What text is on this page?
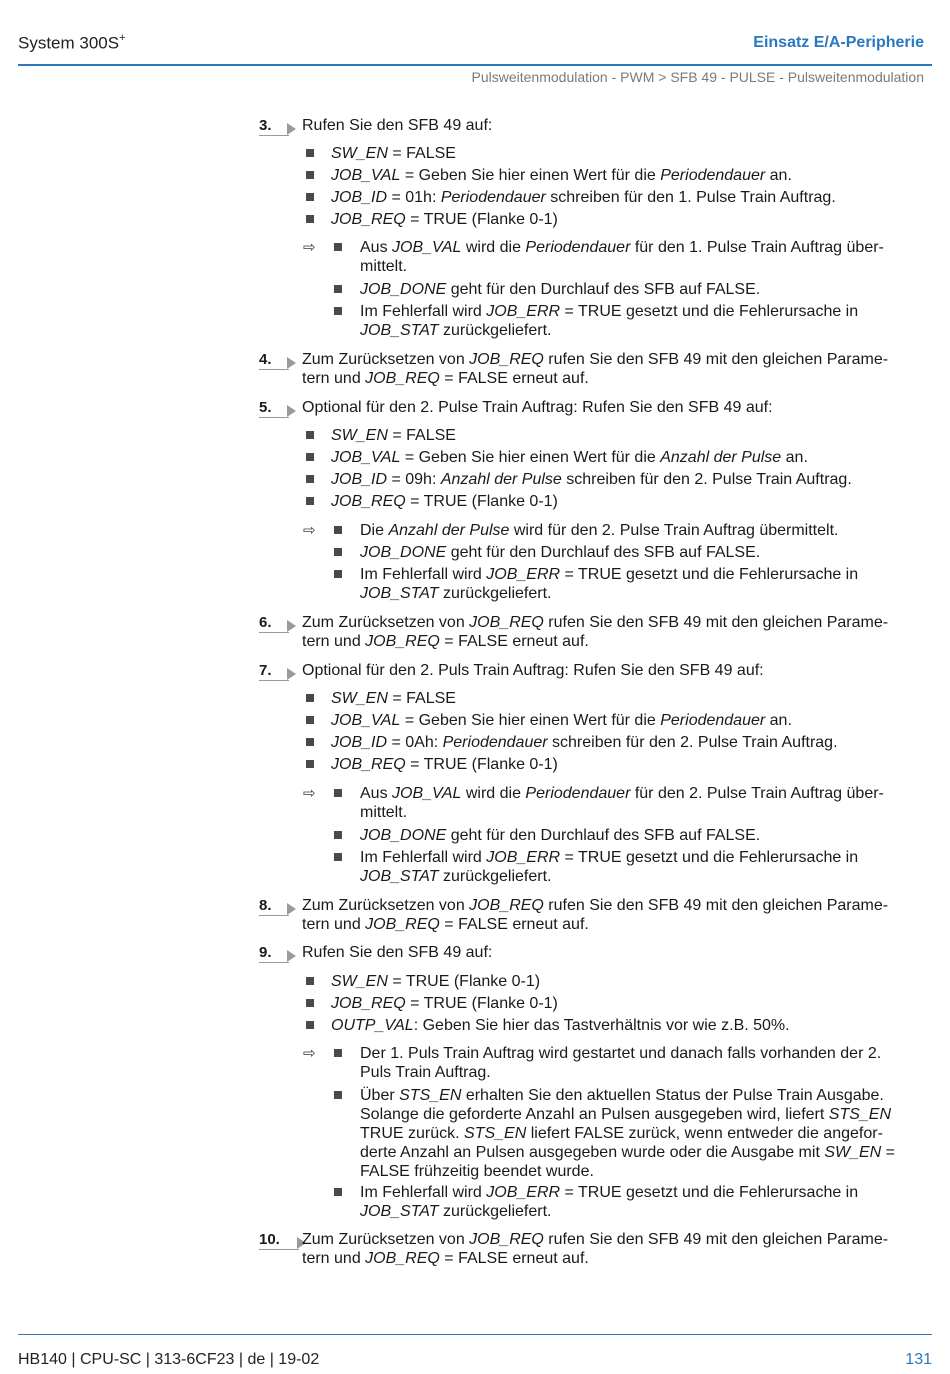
System 300S+	Einsatz E/A-Peripherie
Pulsweitenmodulation - PWM > SFB 49 - PULSE - Pulsweitenmodulation
3. Rufen Sie den SFB 49 auf:
SW_EN = FALSE
JOB_VAL = Geben Sie hier einen Wert für die Periodendauer an.
JOB_ID = 01h: Periodendauer schreiben für den 1. Pulse Train Auftrag.
JOB_REQ = TRUE (Flanke 0-1)
⇨	Aus JOB_VAL wird die Periodendauer für den 1. Pulse Train Auftrag über-
mittelt.
JOB_DONE geht für den Durchlauf des SFB auf FALSE.
Im Fehlerfall wird JOB_ERR = TRUE gesetzt und die Fehlerursache in
JOB_STAT zurückgeliefert.
4. Zum Zurücksetzen von JOB_REQ rufen Sie den SFB 49 mit den gleichen Parame-
tern und JOB_REQ = FALSE erneut auf.
5. Optional für den 2. Pulse Train Auftrag: Rufen Sie den SFB 49 auf:
SW_EN = FALSE
JOB_VAL = Geben Sie hier einen Wert für die Anzahl der Pulse an.
JOB_ID = 09h: Anzahl der Pulse schreiben für den 2. Pulse Train Auftrag.
JOB_REQ = TRUE (Flanke 0-1)
⇨	Die Anzahl der Pulse wird für den 2. Pulse Train Auftrag übermittelt.
JOB_DONE geht für den Durchlauf des SFB auf FALSE.
Im Fehlerfall wird JOB_ERR = TRUE gesetzt und die Fehlerursache in
JOB_STAT zurückgeliefert.
6. Zum Zurücksetzen von JOB_REQ rufen Sie den SFB 49 mit den gleichen Parame-
tern und JOB_REQ = FALSE erneut auf.
7. Optional für den 2. Puls Train Auftrag: Rufen Sie den SFB 49 auf:
SW_EN = FALSE
JOB_VAL = Geben Sie hier einen Wert für die Periodendauer an.
JOB_ID = 0Ah: Periodendauer schreiben für den 2. Pulse Train Auftrag.
JOB_REQ = TRUE (Flanke 0-1)
⇨	Aus JOB_VAL wird die Periodendauer für den 2. Pulse Train Auftrag über-
mittelt.
JOB_DONE geht für den Durchlauf des SFB auf FALSE.
Im Fehlerfall wird JOB_ERR = TRUE gesetzt und die Fehlerursache in
JOB_STAT zurückgeliefert.
8. Zum Zurücksetzen von JOB_REQ rufen Sie den SFB 49 mit den gleichen Parame-
tern und JOB_REQ = FALSE erneut auf.
9. Rufen Sie den SFB 49 auf:
SW_EN = TRUE (Flanke 0-1)
JOB_REQ = TRUE (Flanke 0-1)
OUTP_VAL: Geben Sie hier das Tastverhältnis vor wie z.B. 50%.
⇨	Der 1. Puls Train Auftrag wird gestartet und danach falls vorhanden der 2.
Puls Train Auftrag.
Über STS_EN erhalten Sie den aktuellen Status der Pulse Train Ausgabe.
Solange die geforderte Anzahl an Pulsen ausgegeben wird, liefert STS_EN
TRUE zurück. STS_EN liefert FALSE zurück, wenn entweder die angefor-
derte Anzahl an Pulsen ausgegeben wurde oder die Ausgabe mit SW_EN =
FALSE frühzeitig beendet wurde.
Im Fehlerfall wird JOB_ERR = TRUE gesetzt und die Fehlerursache in
JOB_STAT zurückgeliefert.
10. Zum Zurücksetzen von JOB_REQ rufen Sie den SFB 49 mit den gleichen Parame-
tern und JOB_REQ = FALSE erneut auf.
HB140 | CPU-SC | 313-6CF23 | de | 19-02	131
